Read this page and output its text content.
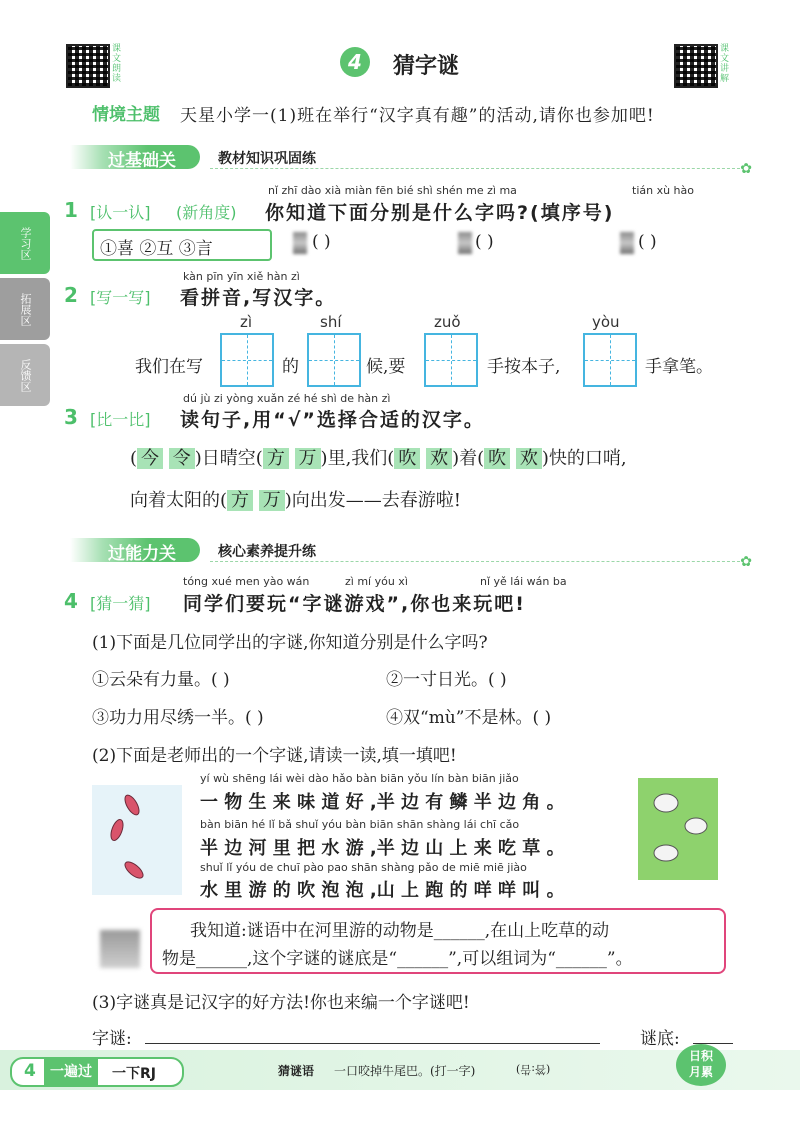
课文朗读
课文讲解
4	猜字谜
情境主题 天星小学一(1)班在举行“汉字真有趣”的活动,请你也参加吧!
学习区
拓展区
反馈区
过基础关	教材知识巩固练
✿
nǐ zhī dào xià miàn fēn bié shì shén me zì ma	tián xù hào
1 [认一认] (新角度) 你知道下面分别是什么字吗?(填序号)
①喜 ②互 ③言	( )	( )	( )
kàn pīn yīn xiě hàn zì
2 [写一写] 看拼音,写汉字。
zì	shí	zuǒ	yòu
我们在写	的	候,要	手按本子,	手拿笔。
dú jù zi yòng xuǎn zé hé shì de hàn zì
3 [比一比] 读句子,用“√”选择合适的汉字。
( 今 令 )日晴空( 方 万 )里,我们( 吹 欢 )着( 吹 欢 )快的口哨,
向着太阳的( 方 万 )向出发——去春游啦!
过能力关	核心素养提升练
✿
tóng xué men yào wán	zì mí yóu xì	nǐ yě lái wán ba
4 [猜一猜] 同学们要玩“字谜游戏”,你也来玩吧!
(1)下面是几位同学出的字谜,你知道分别是什么字吗?
①云朵有力量。( )	②一寸日光。( )
③功力用尽绣一半。( )	④双“mù”不是林。( )
(2)下面是老师出的一个字谜,请读一读,填一填吧!
yí wù shēng lái wèi dào hǎo bàn biān yǒu lín bàn biān jiǎo
一 物 生 来 味 道 好 ,半 边 有 鳞 半 边 角 。
bàn biān hé lǐ bǎ shuǐ yóu bàn biān shān shàng lái chī cǎo
半 边 河 里 把 水 游 ,半 边 山 上 来 吃 草 。
shuǐ lǐ yóu de chuī pào pao shān shàng pǎo de miē miē jiào
水 里 游 的 吹 泡 泡 ,山 上 跑 的 咩 咩 叫 。
我知道:谜语中在河里游的动物是______,在山上吃草的动
物是______,这个字谜的谜底是“______”,可以组词为“______”。
(3)字谜真是记汉字的好方法!你也来编一个字谜吧!
字谜:	谜底:
4	一遍过	一下RJ	猜谜语 一口咬掉牛尾巴。(打一字)	(答:告)
日积
月累
